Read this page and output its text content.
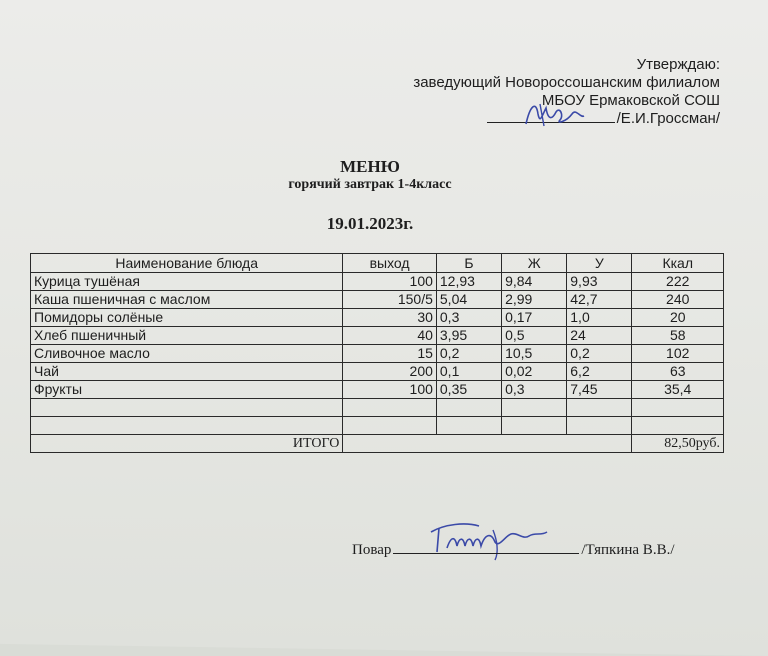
Утверждаю:
заведующий Новороссошанским филиалом
МБОУ Ермаковской СОШ
/Е.И.Гроссман/
МЕНЮ
горячий завтрак 1-4класс
19.01.2023г.
Наименование блюда	выход	Б	Ж	У	Ккал
Курица тушёная	100	12,93	9,84	9,93	222
Каша пшеничная с маслом	150/5	5,04	2,99	42,7	240
Помидоры солёные	30	0,3	0,17	1,0	20
Хлеб пшеничный	40	3,95	0,5	24	58
Сливочное масло	15	0,2	10,5	0,2	102
Чай	200	0,1	0,02	6,2	63
Фрукты	100	0,35	0,3	7,45	35,4

ИТОГО					82,50руб.
Повар	/Тяпкина В.В./
